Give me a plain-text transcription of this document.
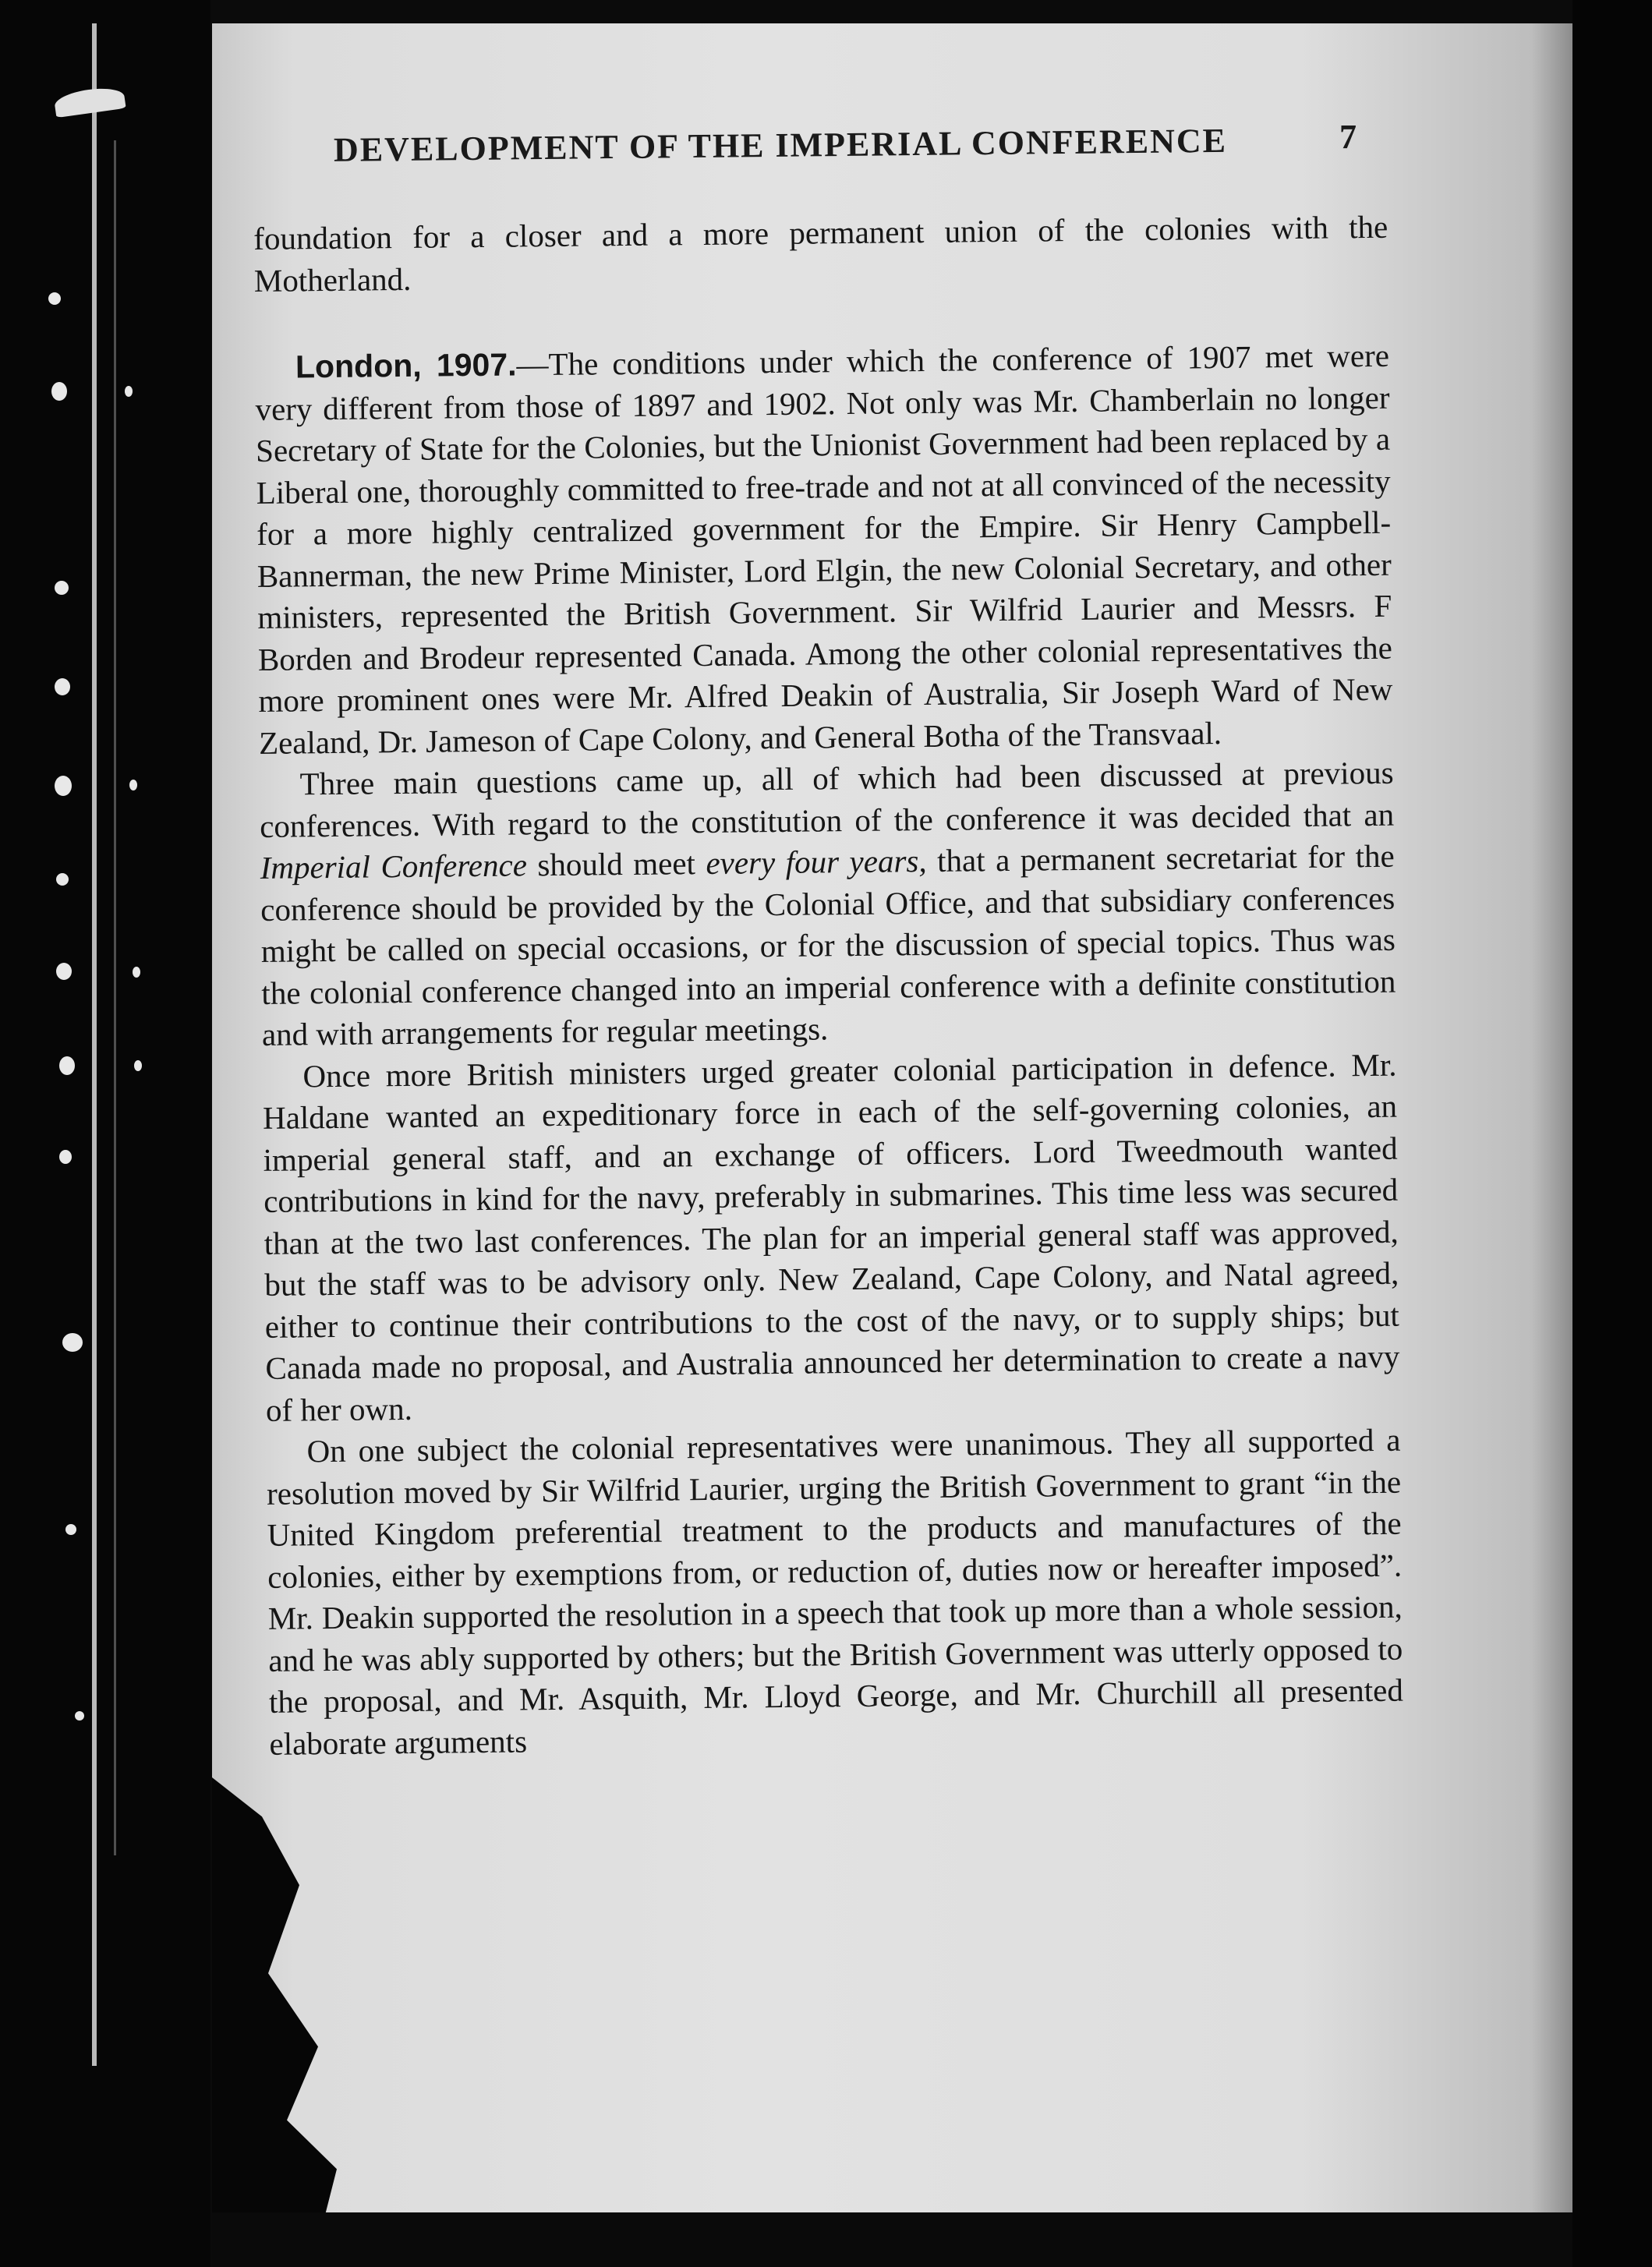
DEVELOPMENT OF THE IMPERIAL CONFERENCE	7

foundation for a closer and a more permanent union of the colonies with the Motherland.

London, 1907.—The conditions under which the conference of 1907 met were very different from those of 1897 and 1902. Not only was Mr. Chamberlain no longer Secretary of State for the Colonies, but the Unionist Government had been replaced by a Liberal one, thoroughly committed to free-trade and not at all convinced of the necessity for a more highly centralized government for the Empire. Sir Henry Campbell-Bannerman, the new Prime Minister, Lord Elgin, the new Colonial Secretary, and other ministers, represented the British Government. Sir Wilfrid Laurier and Messrs. F Borden and Brodeur represented Canada. Among the other colonial representatives the more prominent ones were Mr. Alfred Deakin of Australia, Sir Joseph Ward of New Zealand, Dr. Jameson of Cape Colony, and General Botha of the Transvaal.

Three main questions came up, all of which had been discussed at previous conferences. With regard to the constitution of the conference it was decided that an Imperial Conference should meet every four years, that a permanent secretariat for the conference should be provided by the Colonial Office, and that subsidiary conferences might be called on special occasions, or for the discussion of special topics. Thus was the colonial conference changed into an imperial conference with a definite constitution and with arrangements for regular meetings.

Once more British ministers urged greater colonial participation in defence. Mr. Haldane wanted an expeditionary force in each of the self-governing colonies, an imperial general staff, and an exchange of officers. Lord Tweedmouth wanted contributions in kind for the navy, preferably in submarines. This time less was secured than at the two last conferences. The plan for an imperial general staff was approved, but the staff was to be advisory only. New Zealand, Cape Colony, and Natal agreed, either to continue their contributions to the cost of the navy, or to supply ships; but Canada made no proposal, and Australia announced her determination to create a navy of her own.

On one subject the colonial representatives were unanimous. They all supported a resolution moved by Sir Wilfrid Laurier, urging the British Government to grant “in the United Kingdom preferential treatment to the products and manufactures of the colonies, either by exemptions from, or reduction of, duties now or hereafter imposed”. Mr. Deakin supported the resolution in a speech that took up more than a whole session, and he was ably supported by others; but the British Government was utterly opposed to the proposal, and Mr. Asquith, Mr. Lloyd George, and Mr. Churchill all presented elaborate arguments
